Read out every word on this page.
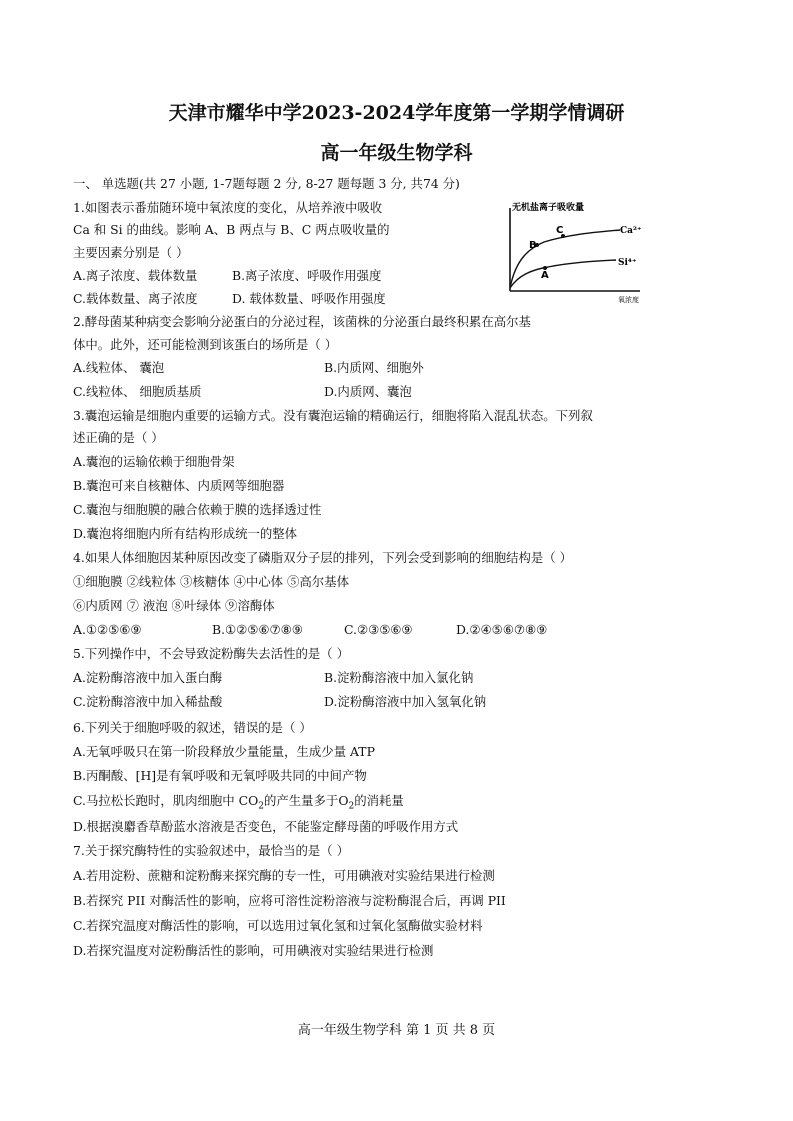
天津市耀华中学2023-2024学年度第一学期学情调研
高一年级生物学科
一、 单选题(共 27 小题, 1-7题每题 2 分, 8-27 题每题 3 分, 共74 分)
1.如图表示番茄随环境中氧浓度的变化，从培养液中吸收
Ca 和 Si 的曲线。影响 A、B 两点与 B、C 两点吸收量的
主要因素分别是（ ）
A.离子浓度、载体数量	B.离子浓度、呼吸作用强度
C.载体数量、离子浓度	D. 载体数量、呼吸作用强度
无机盐离子吸收量
氧浓度
B
C
A
Ca²⁺
Si⁴⁺
2.酵母菌某种病变会影响分泌蛋白的分泌过程，该菌株的分泌蛋白最终积累在高尔基
体中。此外，还可能检测到该蛋白的场所是（ ）
A.线粒体、 囊泡	B.内质网、细胞外
C.线粒体、 细胞质基质	D.内质网、囊泡
3.囊泡运输是细胞内重要的运输方式。没有囊泡运输的精确运行，细胞将陷入混乱状态。下列叙
述正确的是（ ）
A.囊泡的运输依赖于细胞骨架
B.囊泡可来自核糖体、内质网等细胞器
C.囊泡与细胞膜的融合依赖于膜的选择透过性
D.囊泡将细胞内所有结构形成统一的整体
4.如果人体细胞因某种原因改变了磷脂双分子层的排列，下列会受到影响的细胞结构是（ ）
①细胞膜 ②线粒体 ③核糖体 ④中心体 ⑤高尔基体
⑥内质网 ⑦ 液泡 ⑧叶绿体 ⑨溶酶体
A.①②⑤⑥⑨	B.①②⑤⑥⑦⑧⑨	C.②③⑤⑥⑨	D.②④⑤⑥⑦⑧⑨
5.下列操作中，不会导致淀粉酶失去活性的是（ ）
A.淀粉酶溶液中加入蛋白酶	B.淀粉酶溶液中加入氯化钠
C.淀粉酶溶液中加入稀盐酸	D.淀粉酶溶液中加入氢氧化钠
6.下列关于细胞呼吸的叙述，错误的是（ ）
A.无氧呼吸只在第一阶段释放少量能量，生成少量 ATP
B.丙酮酸、[H]是有氧呼吸和无氧呼吸共同的中间产物
C.马拉松长跑时，肌肉细胞中 $CO_2$的产生量多于$O_2$的消耗量
D.根据溴麝香草酚蓝水溶液是否变色，不能鉴定酵母菌的呼吸作用方式
7.关于探究酶特性的实验叙述中，最恰当的是（ ）
A.若用淀粉、蔗糖和淀粉酶来探究酶的专一性，可用碘液对实验结果进行检测
B.若探究 PII 对酶活性的影响，应将可溶性淀粉溶液与淀粉酶混合后，再调 PII
C.若探究温度对酶活性的影响，可以选用过氧化氢和过氧化氢酶做实验材料
D.若探究温度对淀粉酶活性的影响，可用碘液对实验结果进行检测
高一年级生物学科 第 1 页 共 8 页
